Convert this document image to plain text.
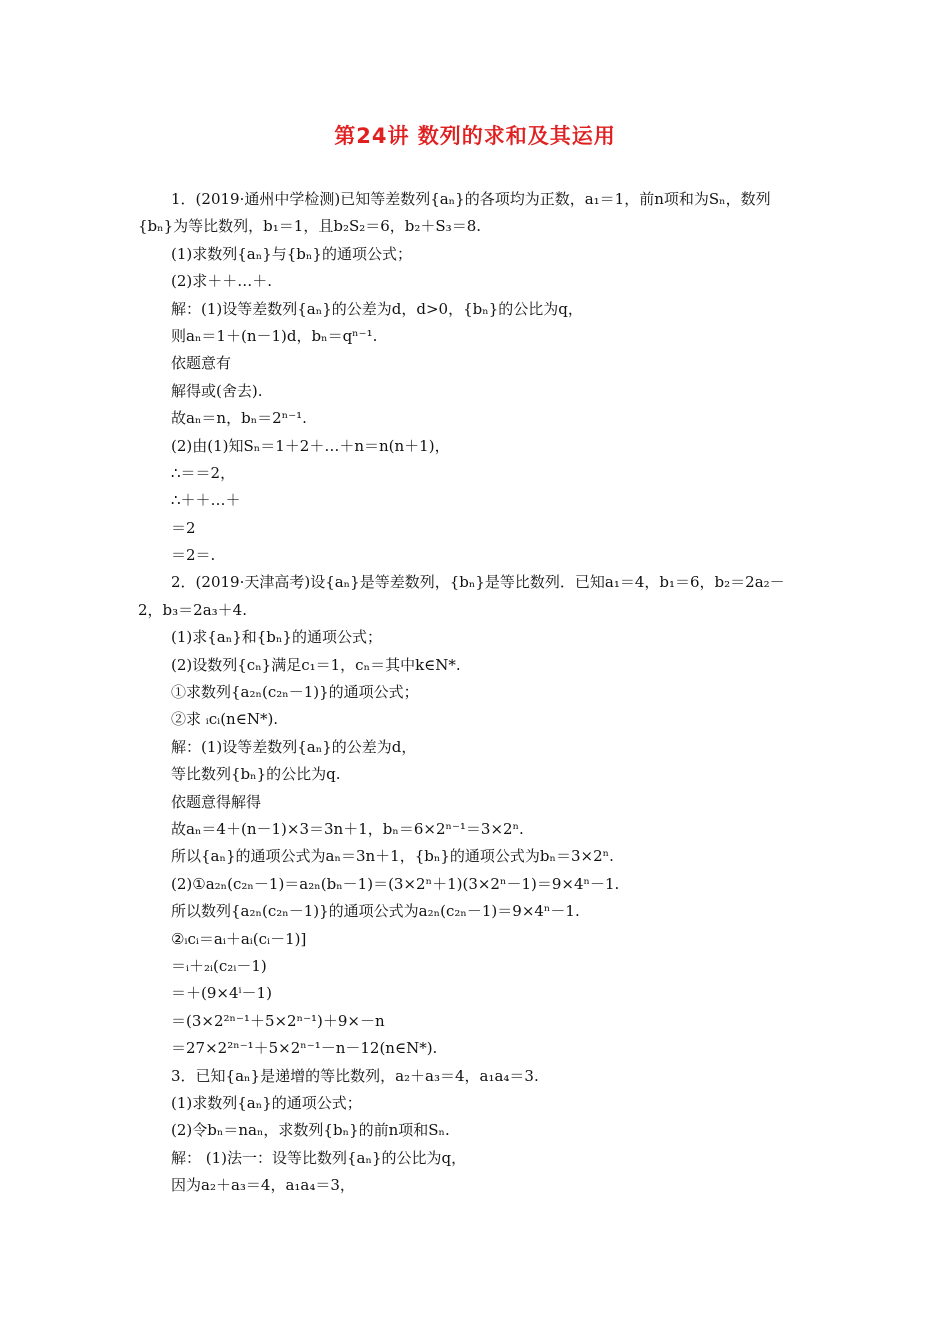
第24讲 数列的求和及其运用
1．(2019·通州中学检测)已知等差数列{aₙ}的各项均为正数，a₁＝1，前n项和为Sₙ，数列
{bₙ}为等比数列，b₁＝1，且b₂S₂＝6，b₂＋S₃＝8.
(1)求数列{aₙ}与{bₙ}的通项公式；
(2)求＋＋…＋.
解：(1)设等差数列{aₙ}的公差为d，d>0，{bₙ}的公比为q，
则aₙ＝1＋(n－1)d，bₙ＝qⁿ⁻¹.
依题意有
解得或(舍去).
故aₙ＝n，bₙ＝2ⁿ⁻¹.
(2)由(1)知Sₙ＝1＋2＋…＋n＝n(n＋1)，
∴＝＝2，
∴＋＋…＋
＝2
＝2＝.
2．(2019·天津高考)设{aₙ}是等差数列，{bₙ}是等比数列．已知a₁＝4，b₁＝6，b₂＝2a₂－
2，b₃＝2a₃＋4.
(1)求{aₙ}和{bₙ}的通项公式；
(2)设数列{cₙ}满足c₁＝1，cₙ＝其中k∈N*.
①求数列{a₂ₙ(c₂ₙ－1)}的通项公式；
②求 ᵢcᵢ(n∈N*).
解：(1)设等差数列{aₙ}的公差为d，
等比数列{bₙ}的公比为q.
依题意得解得
故aₙ＝4＋(n－1)×3＝3n＋1，bₙ＝6×2ⁿ⁻¹＝3×2ⁿ.
所以{aₙ}的通项公式为aₙ＝3n＋1，{bₙ}的通项公式为bₙ＝3×2ⁿ.
(2)①a₂ₙ(c₂ₙ－1)＝a₂ₙ(bₙ－1)＝(3×2ⁿ＋1)(3×2ⁿ－1)＝9×4ⁿ－1.
所以数列{a₂ₙ(c₂ₙ－1)}的通项公式为a₂ₙ(c₂ₙ－1)＝9×4ⁿ－1.
②ᵢcᵢ＝aᵢ＋aᵢ(cᵢ－1)]
＝ᵢ＋₂ᵢ(c₂ᵢ－1)
＝＋(9×4ⁱ－1)
＝(3×2²ⁿ⁻¹＋5×2ⁿ⁻¹)＋9×－n
＝27×2²ⁿ⁻¹＋5×2ⁿ⁻¹－n－12(n∈N*).
3．已知{aₙ}是递增的等比数列，a₂＋a₃＝4，a₁a₄＝3.
(1)求数列{aₙ}的通项公式；
(2)令bₙ＝naₙ，求数列{bₙ}的前n项和Sₙ.
解： (1)法一：设等比数列{aₙ}的公比为q，
因为a₂＋a₃＝4，a₁a₄＝3，
